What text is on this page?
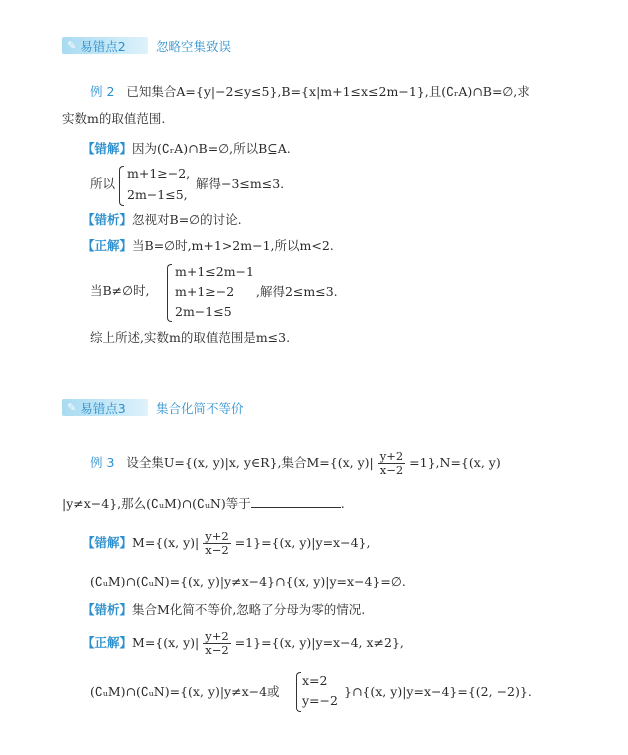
✎ 易错点2 忽略空集致误
例 2 已知集合A={y|−2≤y≤5},B={x|m+1≤x≤2m−1},且(∁ᵣA)∩B=∅,求
实数m的取值范围.
【错解】因为(∁ᵣA)∩B=∅,所以B⊆A.
所以
m+1≥−2,
2m−1≤5,
解得−3≤m≤3.
【错析】忽视对B=∅的讨论.
【正解】当B=∅时,m+1>2m−1,所以m<2.
当B≠∅时,
m+1≤2m−1
m+1≥−2
2m−1≤5
,解得2≤m≤3.
综上所述,实数m的取值范围是m≤3.
✎ 易错点3 集合化简不等价
例 3 设全集U={(x, y)|x, y∈R},集合M={(x, $y)| \frac{y+2}{x-2} =1\},N=\{(x$, y)
|y≠x−4},那么(∁ᵤM)∩(∁ᵤN)等于	.
【错解】M={(x, $y)| \frac{y+2}{x-2} =1\}=\{(x$, y)|y=x−4},
(∁ᵤM)∩(∁ᵤN)={(x, y)|y≠x−4}∩{(x, y)|y=x−4}=∅.
【错析】集合M化简不等价,忽略了分母为零的情况.
【正解】M={(x, $y)| \frac{y+2}{x-2} =1\}=\{(x$, y)|y=x−4, x≠2},
(∁ᵤM)∩(∁ᵤN)={(x, y)|y≠x−4或
x=2
y=−2
}∩{(x, y)|y=x−4}={(2, −2)}.
